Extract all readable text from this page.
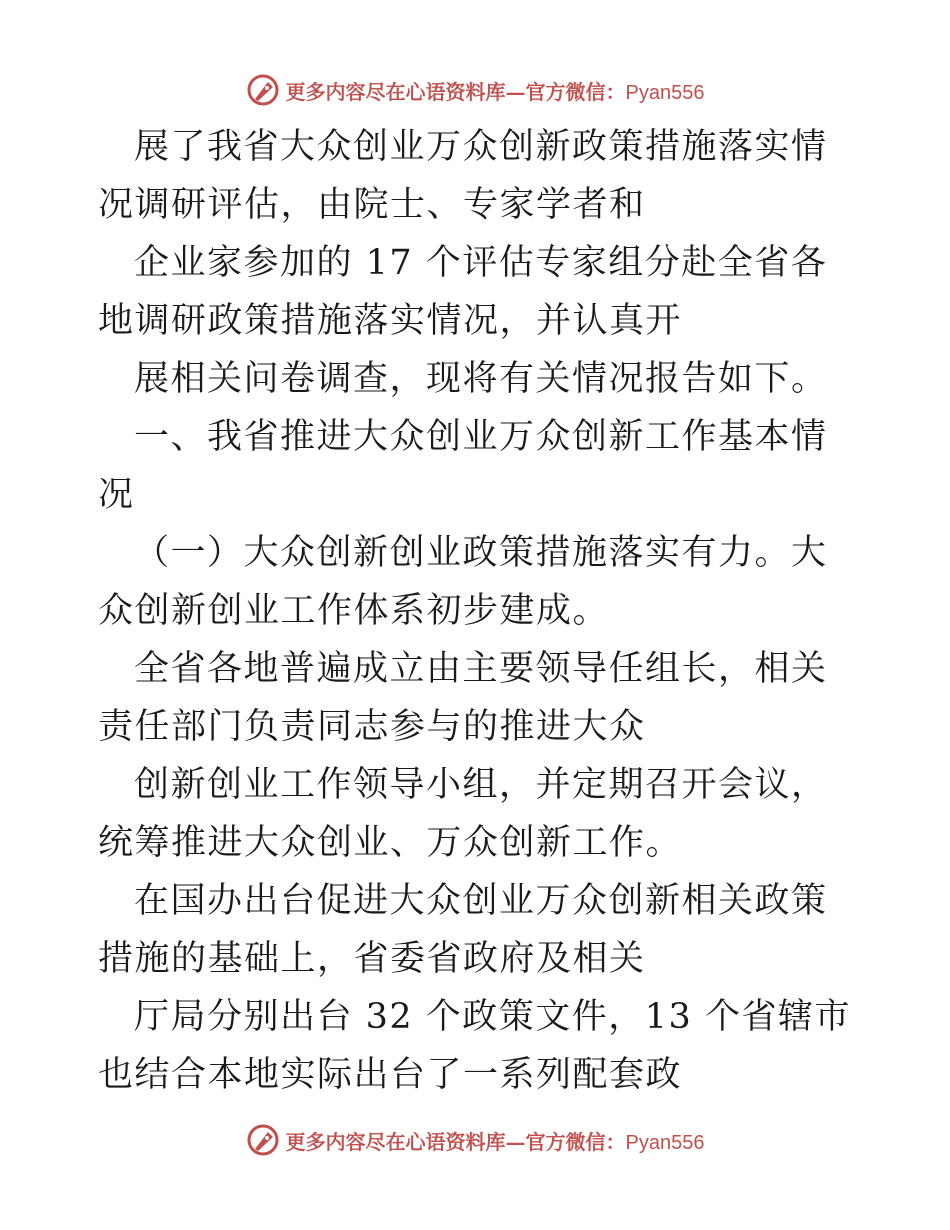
更多内容尽在心语资料库—官方微信：Pyan556

展了我省大众创业万众创新政策措施落实情况调研评估，由院士、专家学者和

企业家参加的 17 个评估专家组分赴全省各地调研政策措施落实情况，并认真开

展相关问卷调查，现将有关情况报告如下。

一、我省推进大众创业万众创新工作基本情况

（一）大众创新创业政策措施落实有力。大众创新创业工作体系初步建成。

全省各地普遍成立由主要领导任组长，相关责任部门负责同志参与的推进大众

创新创业工作领导小组，并定期召开会议，统筹推进大众创业、万众创新工作。

在国办出台促进大众创业万众创新相关政策措施的基础上，省委省政府及相关

厅局分别出台 32 个政策文件，13 个省辖市也结合本地实际出台了一系列配套政

更多内容尽在心语资料库—官方微信：Pyan556
